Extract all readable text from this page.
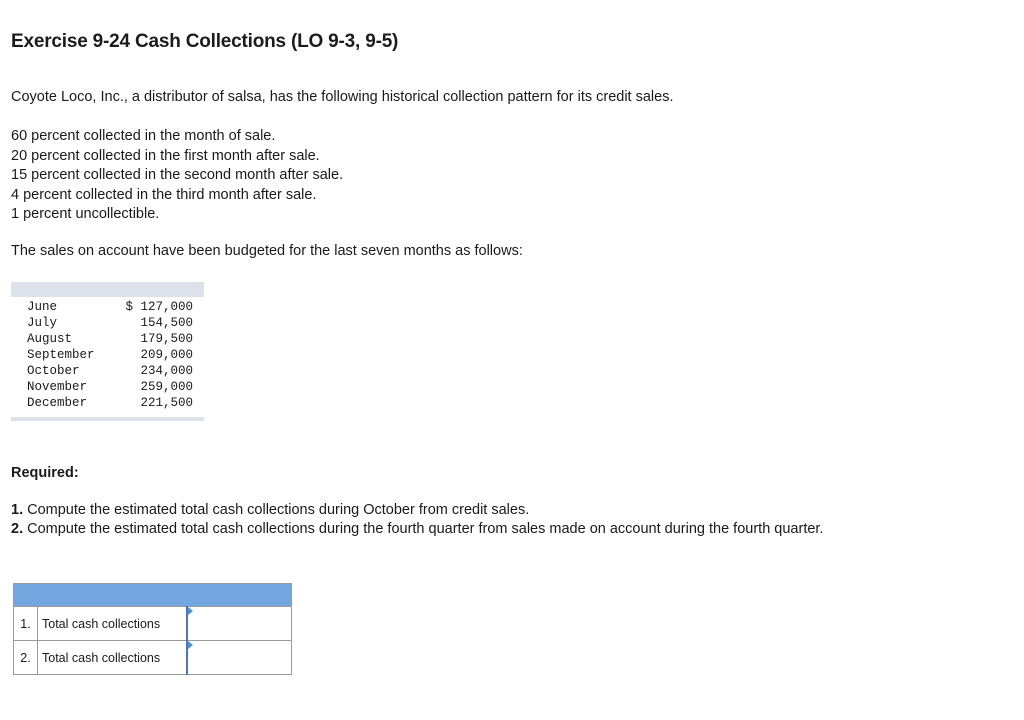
Exercise 9-24 Cash Collections (LO 9-3, 9-5)
Coyote Loco, Inc., a distributor of salsa, has the following historical collection pattern for its credit sales.
60 percent collected in the month of sale.
20 percent collected in the first month after sale.
15 percent collected in the second month after sale.
4 percent collected in the third month after sale.
1 percent uncollectible.
The sales on account have been budgeted for the last seven months as follows:
June	$ 127,000
July	154,500
August	179,500
September	209,000
October	234,000
November	259,000
December	221,500
Required:
1. Compute the estimated total cash collections during October from credit sales.
2. Compute the estimated total cash collections during the fourth quarter from sales made on account during the fourth quarter.

1.	Total cash collections	
2.	Total cash collections	
